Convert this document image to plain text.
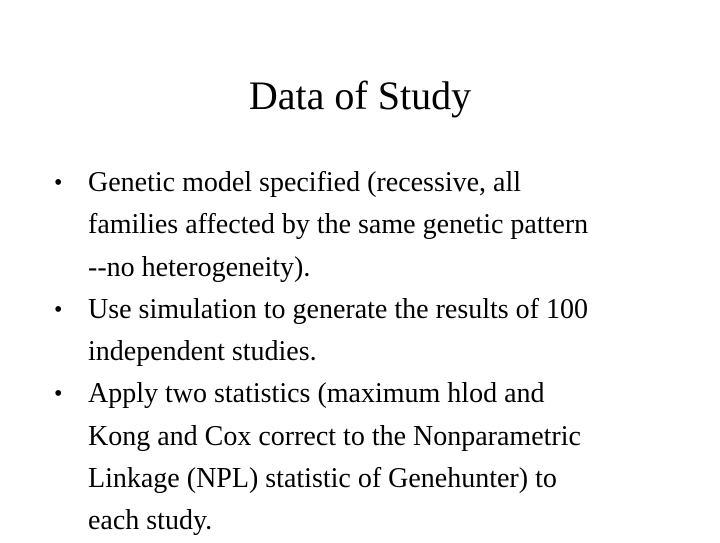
Data of Study
• Genetic model specified (recessive, all
families affected by the same genetic pattern
--no heterogeneity).
• Use simulation to generate the results of 100
independent studies.
• Apply two statistics (maximum hlod and
Kong and Cox correct to the Nonparametric
Linkage (NPL) statistic of Genehunter) to
each study.
